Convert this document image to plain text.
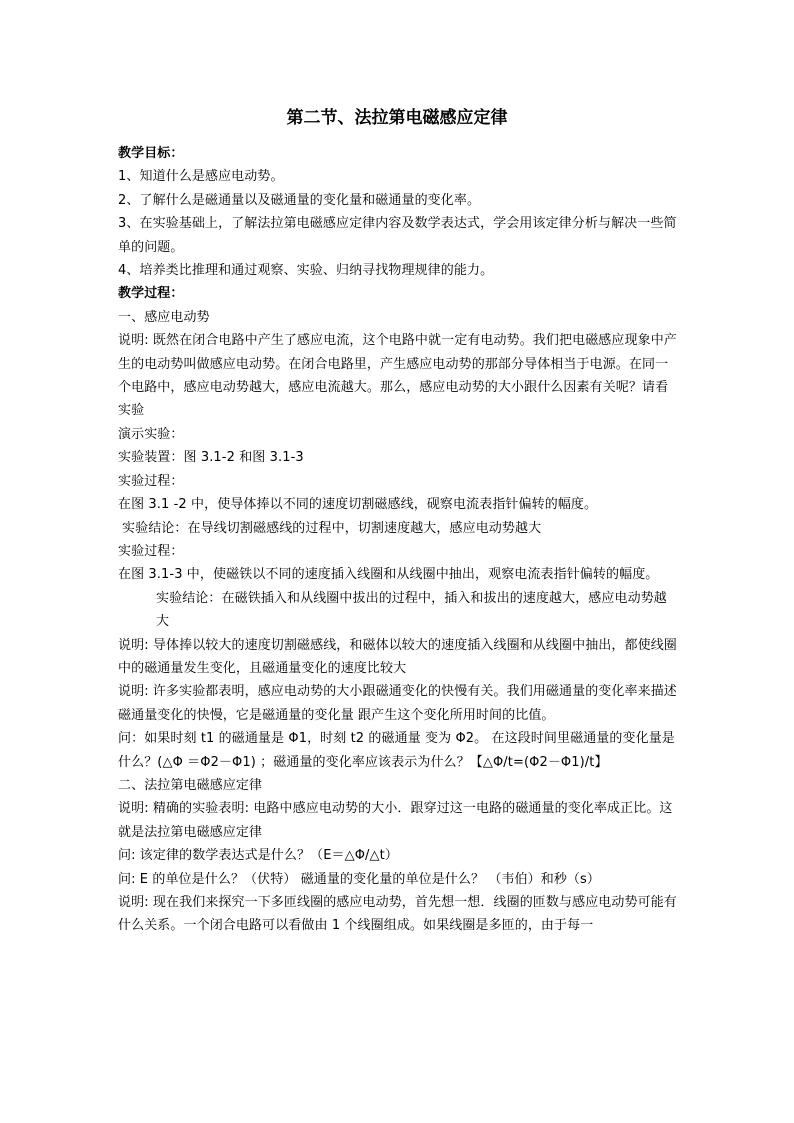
第二节、法拉第电磁感应定律

教学目标：

1、知道什么是感应电动势。

2、了解什么是磁通量以及磁通量的变化量和磁通量的变化率。

3、在实验基础上，了解法拉第电磁感应定律内容及数学表达式，学会用该定律分析与解决一些简单的问题。

4、培养类比推理和通过观察、实验、归纳寻找物理规律的能力。

教学过程：

一、感应电动势

说明: 既然在闭合电路中产生了感应电流，这个电路中就一定有电动势。我们把电磁感应现象中产生的电动势叫做感应电动势。在闭合电路里，产生感应电动势的那部分导体相当于电源。在同一个电路中，感应电动势越大，感应电流越大。那么，感应电动势的大小跟什么因素有关呢？请看实验

演示实验：

实验装置：图 3.1-2 和图 3.1-3

实验过程：

在图 3.1 -2 中，使导体捧以不同的速度切割磁感线，砚察电流表指针偏转的幅度。

实验结论：在导线切割磁感线的过程中，切割速度越大，感应电动势越大

实验过程：

在图 3.1-3 中，使磁铁以不同的速度插入线圈和从线圈中抽出，观察电流表指针偏转的幅度。

实验结论：在磁铁插入和从线圈中拔出的过程中，插入和拔出的速度越大，感应电动势越大

说明: 导体捧以较大的速度切割磁感线，和磁体以较大的速度插入线圈和从线圈中抽出，都使线圈中的磁通量发生变化，且磁通量变化的速度比较大

说明: 许多实验都表明，感应电动势的大小跟磁通变化的快慢有关。我们用磁通量的变化率来描述磁通量变化的快慢，它是磁通量的变化量 跟产生这个变化所用时间的比值。

问：如果时刻 t1 的磁通量是 Φ1，时刻 t2 的磁通量 变为 Φ2。 在这段时间里磁通量的变化量是什么？(△Φ ＝Φ2－Φ1) ；磁通量的变化率应该表示为什么？【△Φ/t=(Φ2－Φ1)/t】

二、法拉第电磁感应定律

说明: 精确的实验表明: 电路中感应电动势的大小．跟穿过这一电路的磁通量的变化率成正比。这就是法拉第电磁感应定律

问: 该定律的数学表达式是什么？（E＝△Φ/△t）

问: E 的单位是什么？（伏特） 磁通量的变化量的单位是什么？ （韦伯）和秒（s）

说明: 现在我们来探究一下多匝线圈的感应电动势，首先想一想．线圈的匝数与感应电动势可能有什么关系。一个闭合电路可以看做由 1 个线圈组成。如果线圈是多匝的，由于每一
